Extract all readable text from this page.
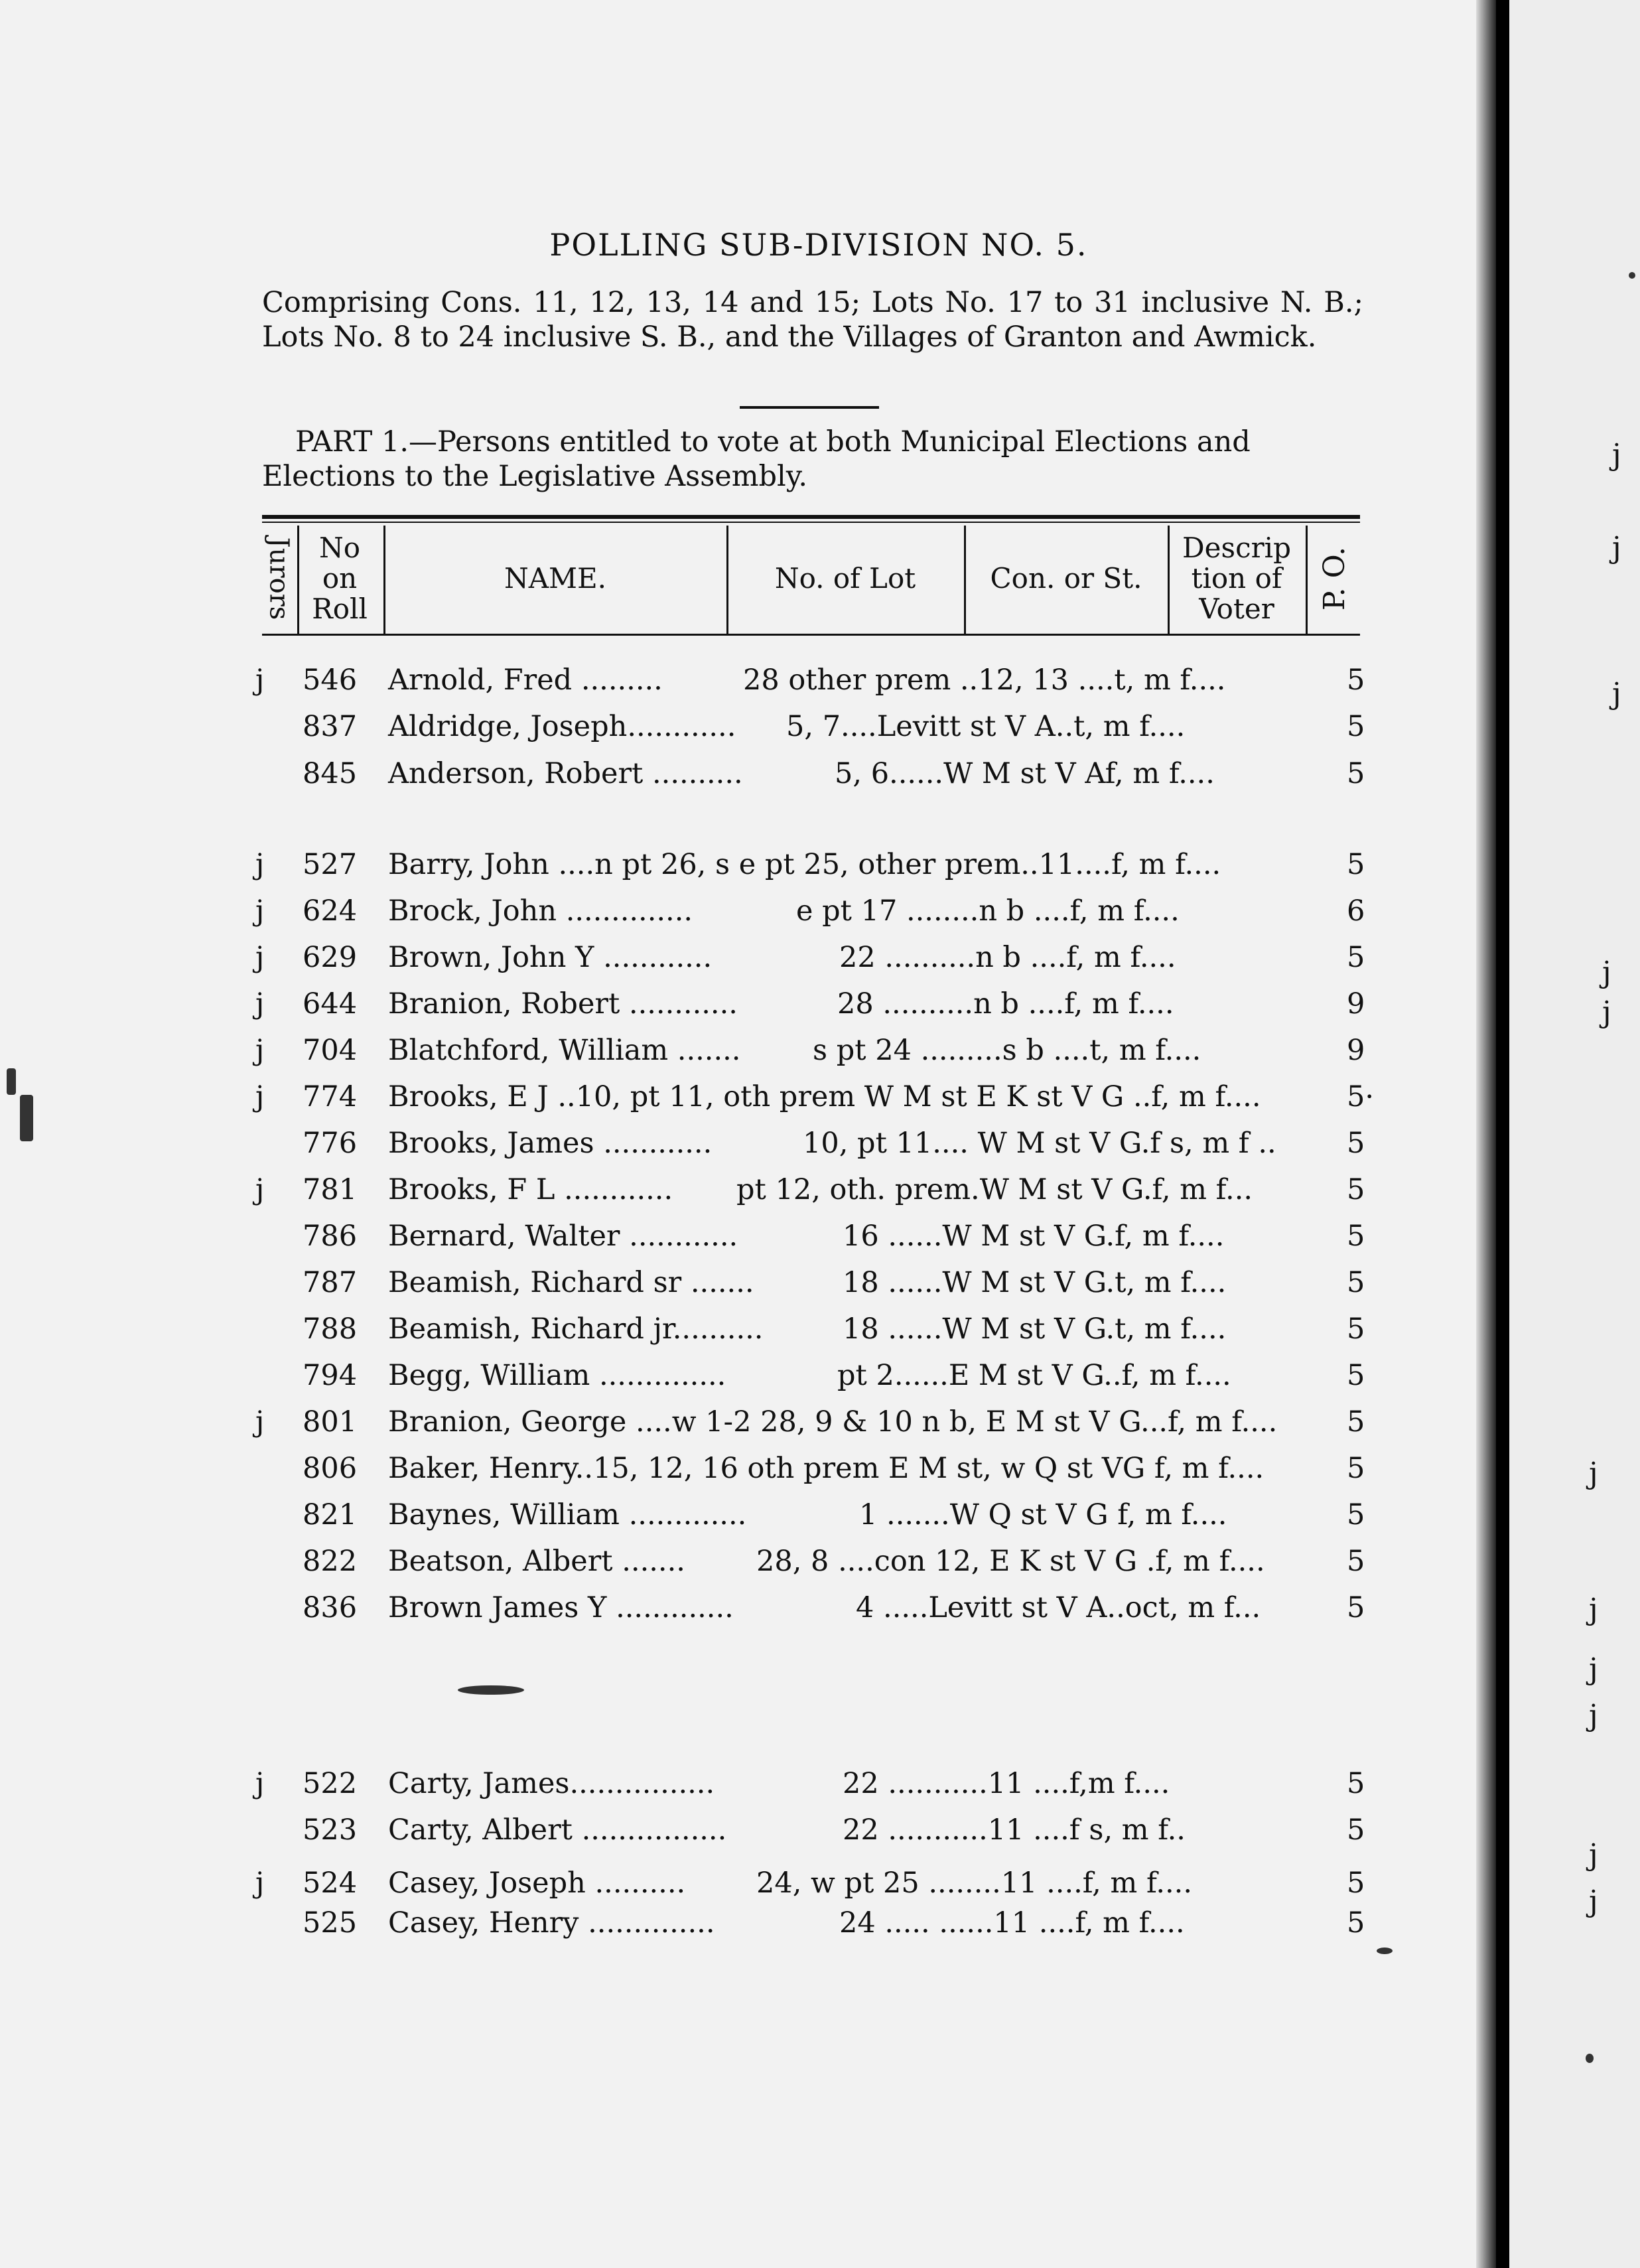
POLLING SUB-DIVISION NO. 5.
Comprising Cons. 11, 12, 13, 14 and 15; Lots No. 17 to 31 inclusive N. B.; Lots No. 8 to 24 inclusive S. B., and the Villages of Granton and Awmick.
PART 1.—Persons entitled to vote at both Municipal Elections and
Elections to the Legislative Assembly.
Jurors No
on
Roll
NAME.	No. of Lot	Con. or St.
Descrip
tion of
Voter	P. O.
j 546 Arnold, Fred .........	28 other prem ..12, 13 ....t, m f....	5
837 Aldridge, Joseph............ 5, 7....Levitt st V A..t, m f....	5
845 Anderson, Robert ..........	5, 6......W M st V Af, m f....	5
j 527 Barry, John ....n pt 26, s e pt 25, other prem..11....f, m f....	5
j 624 Brock, John ..............	e pt 17 ........n b ....f, m f....	6
j 629 Brown, John Y ............	22 ..........n b ....f, m f....	5
j 644 Branion, Robert ............	28 ..........n b ....f, m f....	9
j 704 Blatchford, William .......	s pt 24 .........s b ....t, m f....	9
j 774 Brooks, E J ..10, pt 11, oth prem W M st E K st V G ..f, m f....	5·
776 Brooks, James ............	10, pt 11.... W M st V G.f s, m f .. 5
j 781 Brooks, F L ............ pt 12, oth. prem.W M st V G.f, m f...	5
786 Bernard, Walter ............	16 ......W M st V G.f, m f....	5
787 Beamish, Richard sr .......	18 ......W M st V G.t, m f....	5
788 Beamish, Richard jr..........	18 ......W M st V G.t, m f....	5
794 Begg, William ..............	pt 2......E M st V G..f, m f....	5
j 801 Branion, George ....w 1-2 28, 9 & 10 n b, E M st V G...f, m f.... 5
806 Baker, Henry..15, 12, 16 oth prem E M st, w Q st VG f, m f....	5
821 Baynes, William .............	1 .......W Q st V G f, m f....	5
822 Beatson, Albert ....... 28, 8 ....con 12, E K st V G .f, m f....	5
836 Brown James Y .............	4 .....Levitt st V A..oct, m f...	5
j 522 Carty, James................	22 ...........11 ....f,m f....	5
523 Carty, Albert ................	22 ...........11 ....f s, m f..	5
j 524 Casey, Joseph .......... 24, w pt 25 ........11 ....f, m f....	5
525 Casey, Henry ..............	24 ..... ......11 ....f, m f....	5
j
j
j
j
j
j
j
j
j
j
j
